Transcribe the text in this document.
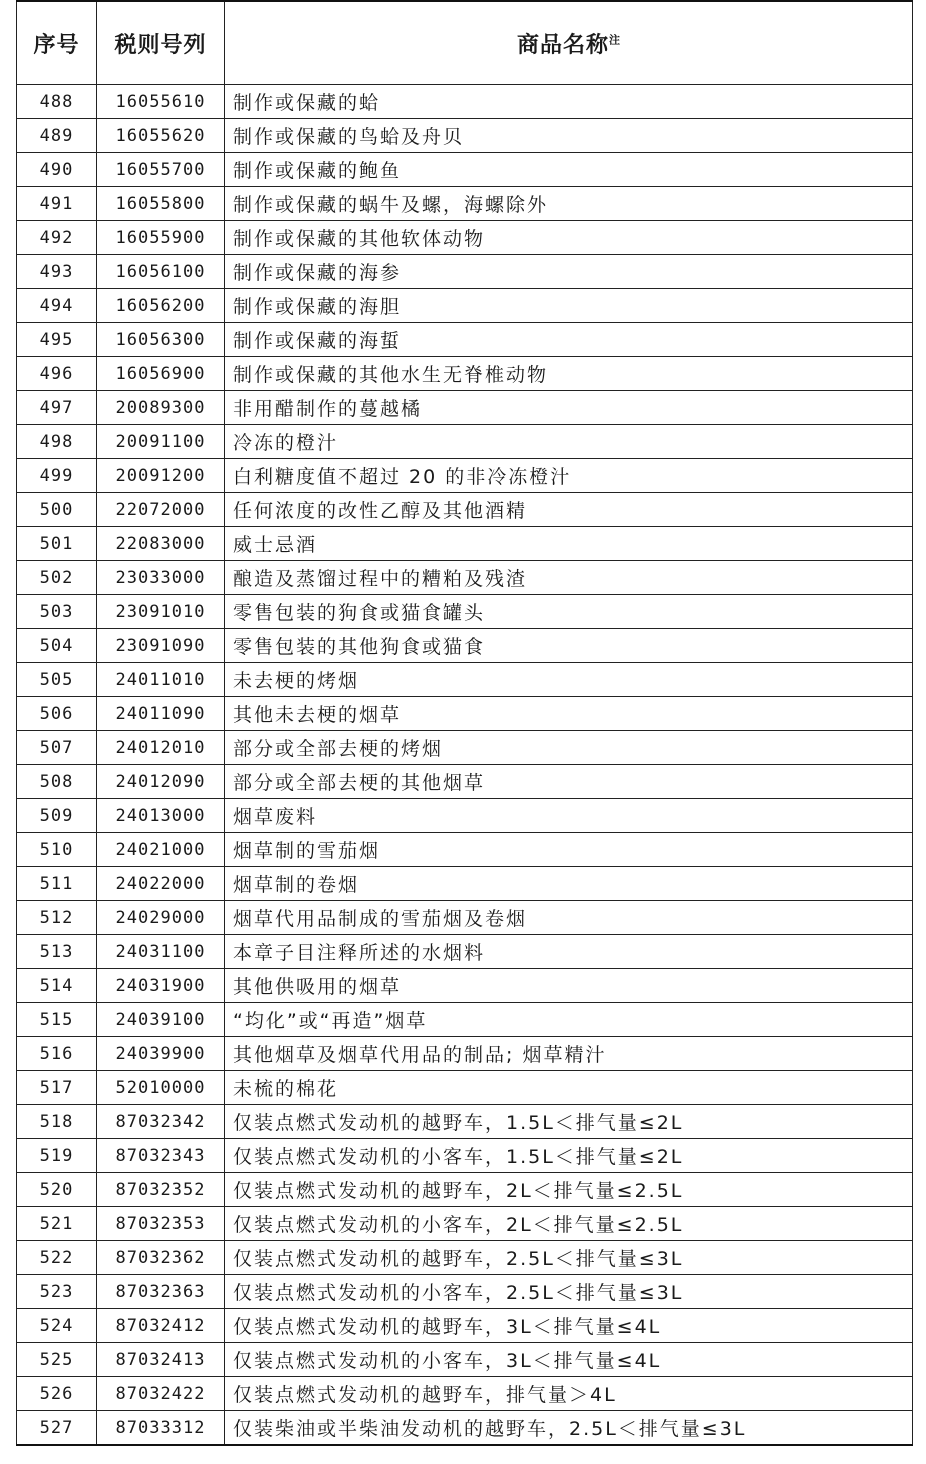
序号	税则号列	商品名称$^注$
488	16055610	制作或保藏的蛤
489	16055620	制作或保藏的鸟蛤及舟贝
490	16055700	制作或保藏的鲍鱼
491	16055800	制作或保藏的蜗牛及螺，海螺除外
492	16055900	制作或保藏的其他软体动物
493	16056100	制作或保藏的海参
494	16056200	制作或保藏的海胆
495	16056300	制作或保藏的海蜇
496	16056900	制作或保藏的其他水生无脊椎动物
497	20089300	非用醋制作的蔓越橘
498	20091100	冷冻的橙汁
499	20091200	白利糖度值不超过 20 的非冷冻橙汁
500	22072000	任何浓度的改性乙醇及其他酒精
501	22083000	威士忌酒
502	23033000	酿造及蒸馏过程中的糟粕及残渣
503	23091010	零售包装的狗食或猫食罐头
504	23091090	零售包装的其他狗食或猫食
505	24011010	未去梗的烤烟
506	24011090	其他未去梗的烟草
507	24012010	部分或全部去梗的烤烟
508	24012090	部分或全部去梗的其他烟草
509	24013000	烟草废料
510	24021000	烟草制的雪茄烟
511	24022000	烟草制的卷烟
512	24029000	烟草代用品制成的雪茄烟及卷烟
513	24031100	本章子目注释所述的水烟料
514	24031900	其他供吸用的烟草
515	24039100	“均化”或“再造”烟草
516	24039900	其他烟草及烟草代用品的制品; 烟草精汁
517	52010000	未梳的棉花
518	87032342	仅装点燃式发动机的越野车，1.5L＜排气量≤2L
519	87032343	仅装点燃式发动机的小客车，1.5L＜排气量≤2L
520	87032352	仅装点燃式发动机的越野车，2L＜排气量≤2.5L
521	87032353	仅装点燃式发动机的小客车，2L＜排气量≤2.5L
522	87032362	仅装点燃式发动机的越野车，2.5L＜排气量≤3L
523	87032363	仅装点燃式发动机的小客车，2.5L＜排气量≤3L
524	87032412	仅装点燃式发动机的越野车，3L＜排气量≤4L
525	87032413	仅装点燃式发动机的小客车，3L＜排气量≤4L
526	87032422	仅装点燃式发动机的越野车，排气量＞4L
527	87033312	仅装柴油或半柴油发动机的越野车，2.5L＜排气量≤3L
